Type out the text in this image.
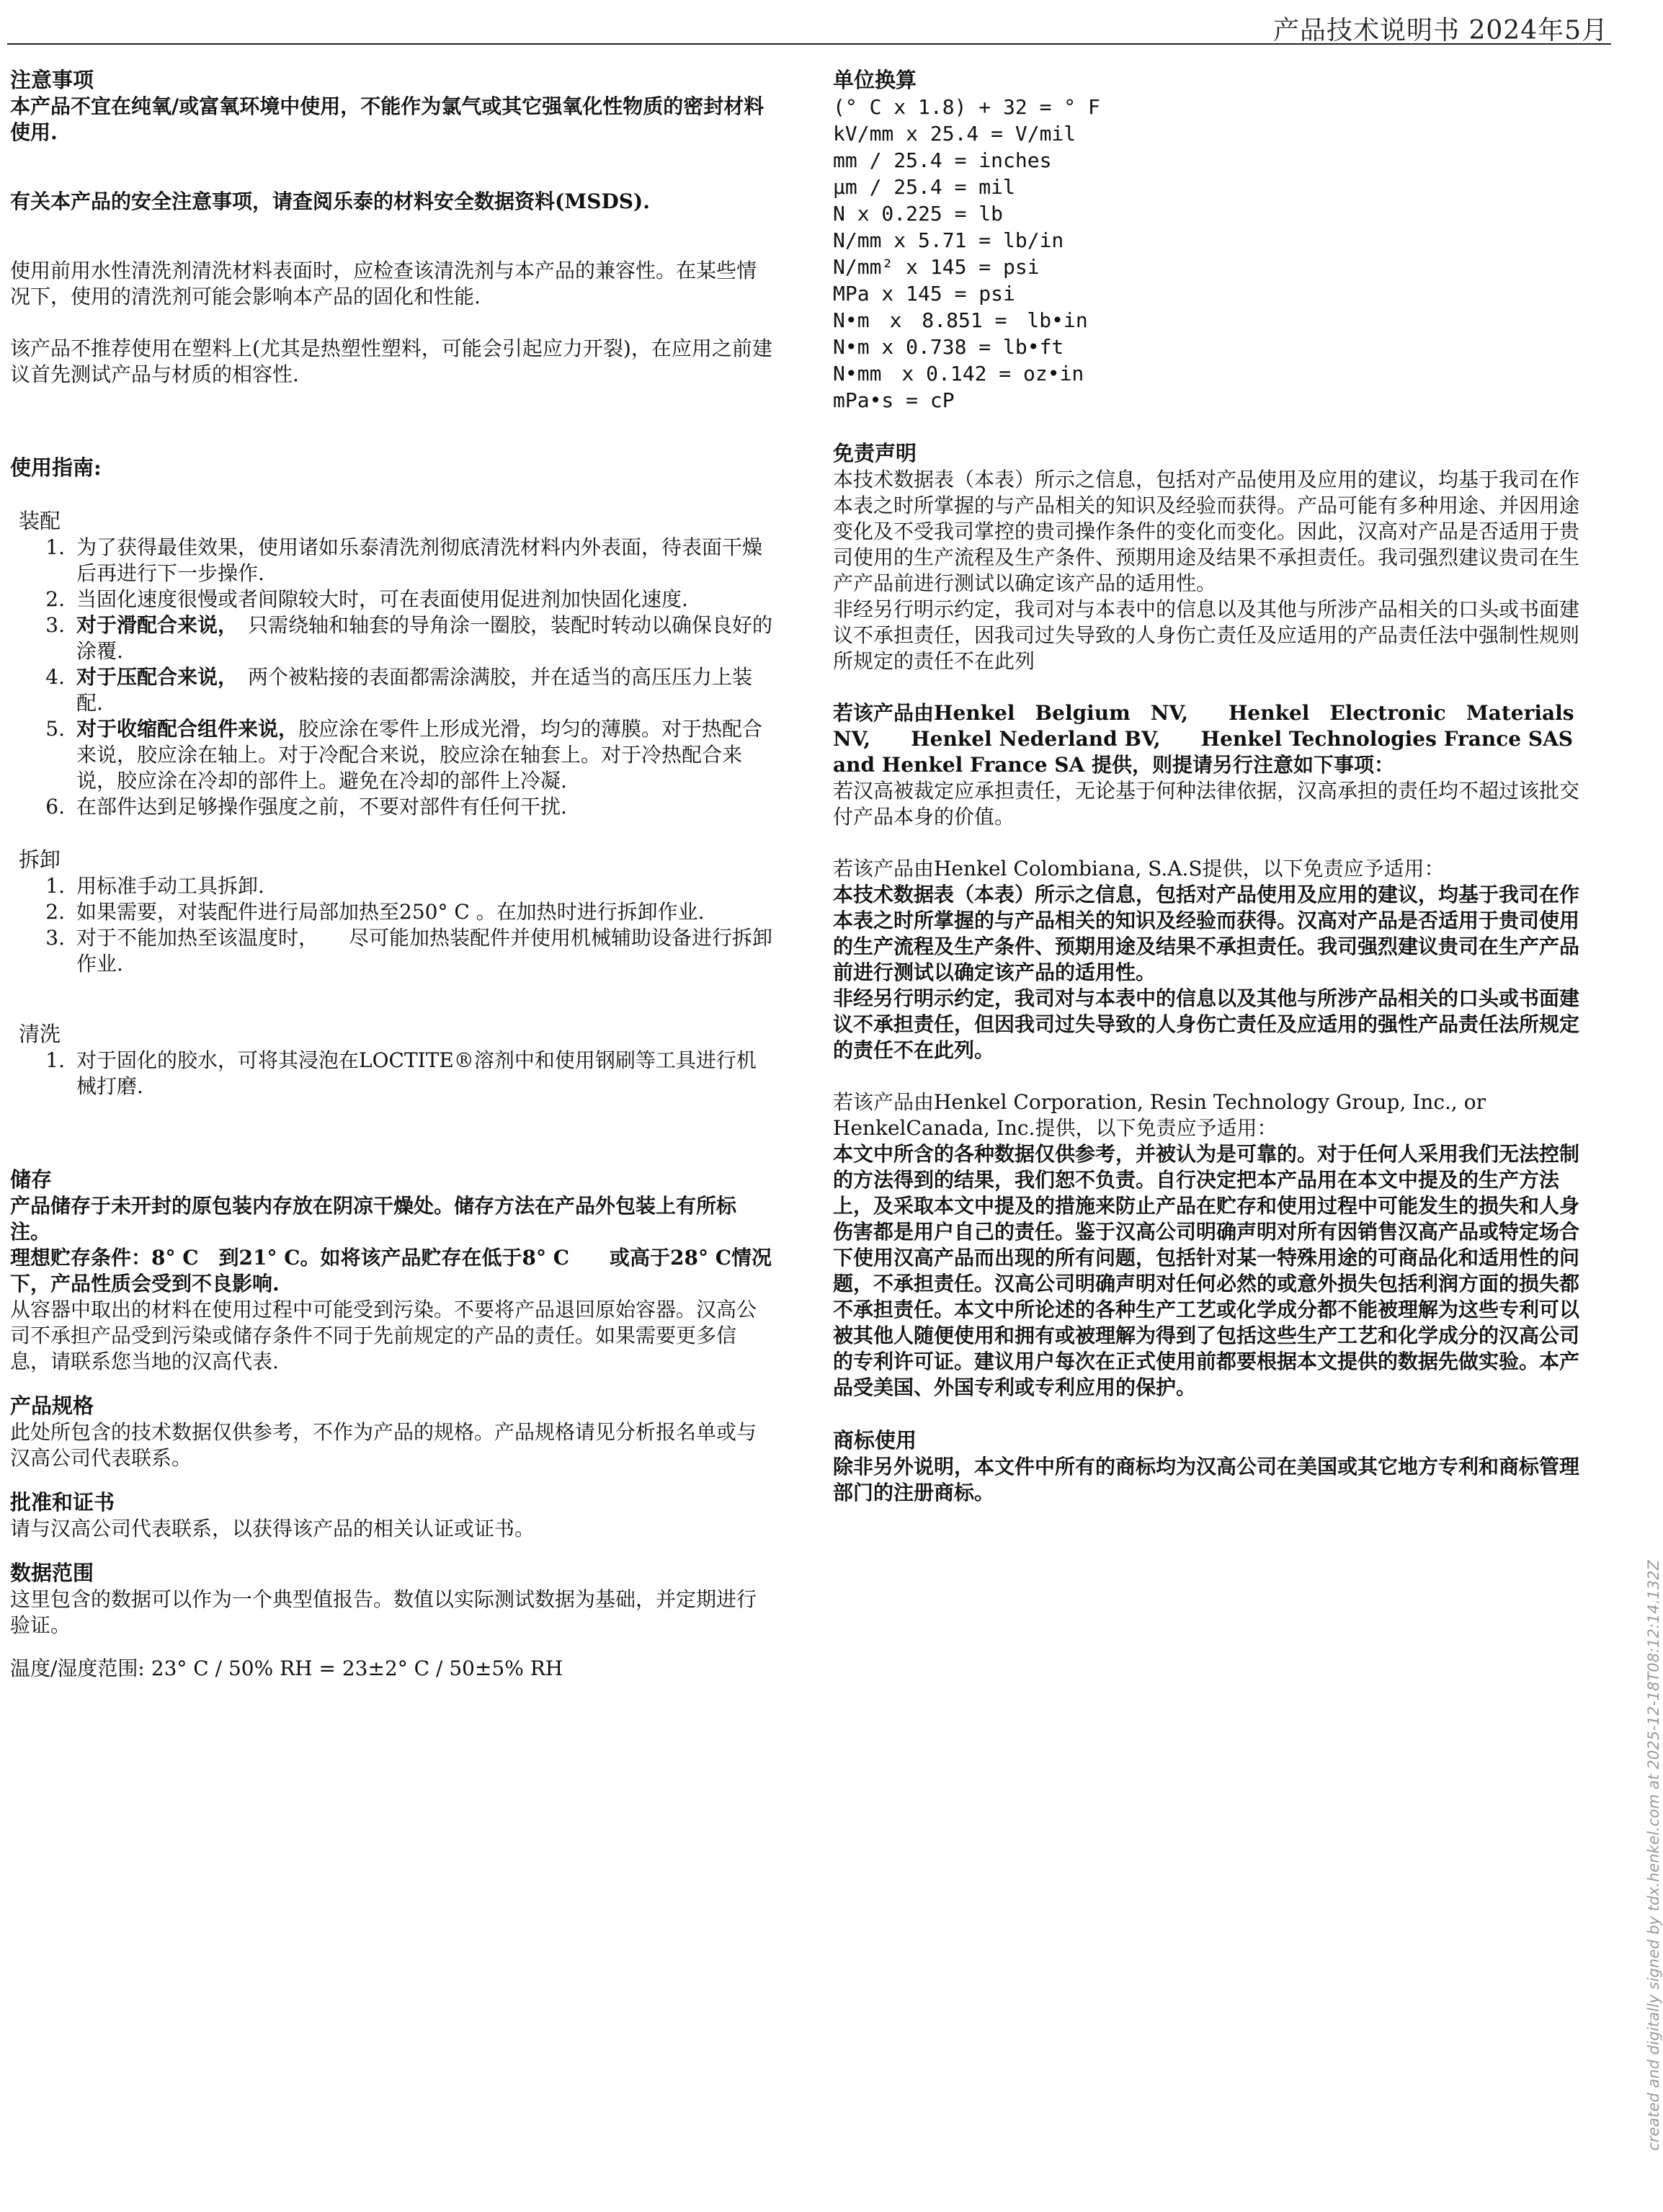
产品技术说明书 2024年5月
注意事项

本产品不宜在纯氧/或富氧环境中使用，不能作为氯气或其它强氧化性物质的密封材料使用.

有关本产品的安全注意事项，请查阅乐泰的材料安全数据资料(MSDS).

使用前用水性清洗剂清洗材料表面时，应检查该清洗剂与本产品的兼容性。在某些情况下，使用的清洗剂可能会影响本产品的固化和性能.

该产品不推荐使用在塑料上(尤其是热塑性塑料，可能会引起应力开裂)，在应用之前建议首先测试产品与材质的相容性.

使用指南:

装配

1. 为了获得最佳效果，使用诸如乐泰清洗剂彻底清洗材料内外表面，待表面干燥后再进行下一步操作.
2. 当固化速度很慢或者间隙较大时，可在表面使用促进剂加快固化速度.
3. 对于滑配合来说，　 只需绕轴和轴套的导角涂一圈胶，装配时转动以确保良好的涂覆.
4. 对于压配合来说，　 两个被粘接的表面都需涂满胶，并在适当的高压压力上装配.
5. 对于收缩配合组件来说，胶应涂在零件上形成光滑，均匀的薄膜。对于热配合来说，胶应涂在轴上。对于冷配合来说，胶应涂在轴套上。对于冷热配合来说，胶应涂在冷却的部件上。避免在冷却的部件上冷凝.
6. 在部件达到足够操作强度之前，不要对部件有任何干扰.

拆卸

1. 用标准手动工具拆卸.
2. 如果需要，对装配件进行局部加热至250° C 。在加热时进行拆卸作业.
3. 对于不能加热至该温度时，　　尽可能加热装配件并使用机械辅助设备进行拆卸作业.

清洗

1. 对于固化的胶水，可将其浸泡在LOCTITE®溶剂中和使用钢刷等工具进行机械打磨.
储存

产品储存于未开封的原包装内存放在阴凉干燥处。储存方法在产品外包装上有所标注。

理想贮存条件：8° C　到21° C。如将该产品贮存在低于8° C　　或高于28° C情况下，产品性质会受到不良影响.

从容器中取出的材料在使用过程中可能受到污染。不要将产品退回原始容器。汉高公司不承担产品受到污染或储存条件不同于先前规定的产品的责任。如果需要更多信息，请联系您当地的汉高代表.

产品规格

此处所包含的技术数据仅供参考，不作为产品的规格。产品规格请见分析报名单或与汉高公司代表联系。

批准和证书

请与汉高公司代表联系，以获得该产品的相关认证或证书。

数据范围

这里包含的数据可以作为一个典型值报告。数值以实际测试数据为基础，并定期进行验证。

温度/湿度范围: 23° C / 50% RH = 23±2° C / 50±5% RH

单位换算

(° C x 1.8) + 32 = ° F

kV/mm x 25.4 = V/mil

mm / 25.4 = inches

µm / 25.4 = mil

N x 0.225 = lb

N/mm x 5.71 = lb/in

N/mm² x 145 = psi

MPa x 145 = psi

N•m　x　8.851 =　lb•in

N•m x 0.738 = lb•ft

N•mm　x 0.142 = oz•in

mPa•s = cP

免责声明

本技术数据表（本表）所示之信息，包括对产品使用及应用的建议，均基于我司在作本表之时所掌握的与产品相关的知识及经验而获得。产品可能有多种用途、并因用途变化及不受我司掌控的贵司操作条件的变化而变化。因此，汉高对产品是否适用于贵司使用的生产流程及生产条件、预期用途及结果不承担责任。我司强烈建议贵司在生产产品前进行测试以确定该产品的适用性。

非经另行明示约定，我司对与本表中的信息以及其他与所涉产品相关的口头或书面建议不承担责任，因我司过失导致的人身伤亡责任及应适用的产品责任法中强制性规则所规定的责任不在此列

若该产品由Henkel　Belgium　NV,　　Henkel　Electronic　Materials　NV,　　Henkel Nederland BV,　　Henkel Technologies France SAS and Henkel France SA 提供，则提请另行注意如下事项：

若汉高被裁定应承担责任，无论基于何种法律依据，汉高承担的责任均不超过该批交付产品本身的价值。

若该产品由Henkel Colombiana, S.A.S提供，以下免责应予适用：

本技术数据表（本表）所示之信息，包括对产品使用及应用的建议，均基于我司在作本表之时所掌握的与产品相关的知识及经验而获得。汉高对产品是否适用于贵司使用的生产流程及生产条件、预期用途及结果不承担责任。我司强烈建议贵司在生产产品前进行测试以确定该产品的适用性。

非经另行明示约定，我司对与本表中的信息以及其他与所涉产品相关的口头或书面建议不承担责任，但因我司过失导致的人身伤亡责任及应适用的强性产品责任法所规定的责任不在此列。

若该产品由Henkel Corporation, Resin Technology Group, Inc., or HenkelCanada, Inc.提供，以下免责应予适用：

本文中所含的各种数据仅供参考，并被认为是可靠的。对于任何人采用我们无法控制的方法得到的结果，我们恕不负责。自行决定把本产品用在本文中提及的生产方法上，及采取本文中提及的措施来防止产品在贮存和使用过程中可能发生的损失和人身伤害都是用户自己的责任。鉴于汉高公司明确声明对所有因销售汉高产品或特定场合下使用汉高产品而出现的所有问题，包括针对某一特殊用途的可商品化和适用性的问题，不承担责任。汉高公司明确声明对任何必然的或意外损失包括利润方面的损失都不承担责任。本文中所论述的各种生产工艺或化学成分都不能被理解为这些专利可以被其他人随便使用和拥有或被理解为得到了包括这些生产工艺和化学成分的汉高公司的专利许可证。建议用户每次在正式使用前都要根据本文提供的数据先做实验。本产品受美国、外国专利或专利应用的保护。

商标使用

除非另外说明，本文件中所有的商标均为汉高公司在美国或其它地方专利和商标管理部门的注册商标。

created and digitally signed by tdx.henkel.com at 2025-12-18T08:12:14.132Z
